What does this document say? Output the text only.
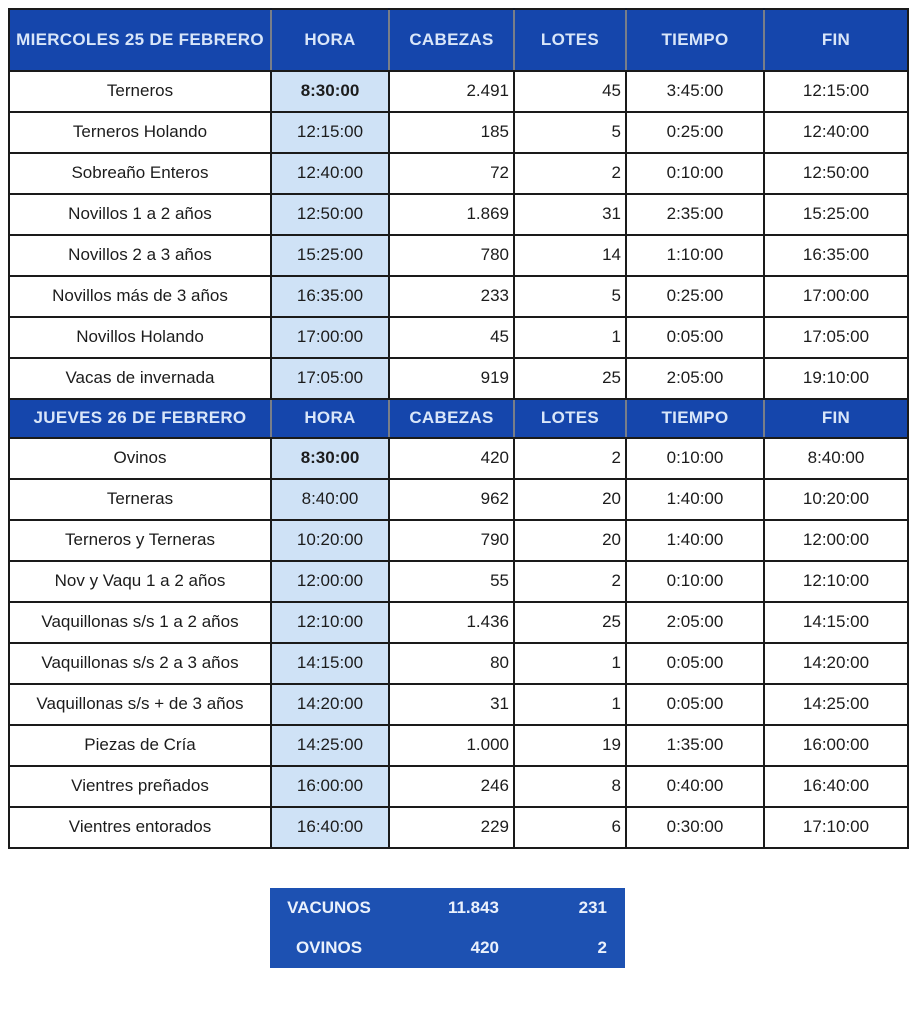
MIERCOLES 25 DE FEBRERO	HORA	CABEZAS	LOTES	TIEMPO	FIN
Terneros	8:30:00	2.491	45	3:45:00	12:15:00
Terneros Holando	12:15:00	185	5	0:25:00	12:40:00
Sobreaño Enteros	12:40:00	72	2	0:10:00	12:50:00
Novillos 1 a 2 años	12:50:00	1.869	31	2:35:00	15:25:00
Novillos 2 a 3 años	15:25:00	780	14	1:10:00	16:35:00
Novillos más de 3 años	16:35:00	233	5	0:25:00	17:00:00
Novillos Holando	17:00:00	45	1	0:05:00	17:05:00
Vacas de invernada	17:05:00	919	25	2:05:00	19:10:00
JUEVES 26 DE FEBRERO	HORA	CABEZAS	LOTES	TIEMPO	FIN
Ovinos	8:30:00	420	2	0:10:00	8:40:00
Terneras	8:40:00	962	20	1:40:00	10:20:00
Terneros y Terneras	10:20:00	790	20	1:40:00	12:00:00
Nov y Vaqu 1 a 2 años	12:00:00	55	2	0:10:00	12:10:00
Vaquillonas s/s 1 a 2 años	12:10:00	1.436	25	2:05:00	14:15:00
Vaquillonas s/s 2 a 3 años	14:15:00	80	1	0:05:00	14:20:00
Vaquillonas s/s + de 3 años	14:20:00	31	1	0:05:00	14:25:00
Piezas de Cría	14:25:00	1.000	19	1:35:00	16:00:00
Vientres preñados	16:00:00	246	8	0:40:00	16:40:00
Vientres entorados	16:40:00	229	6	0:30:00	17:10:00
VACUNOS	11.843	231
OVINOS	420	2
